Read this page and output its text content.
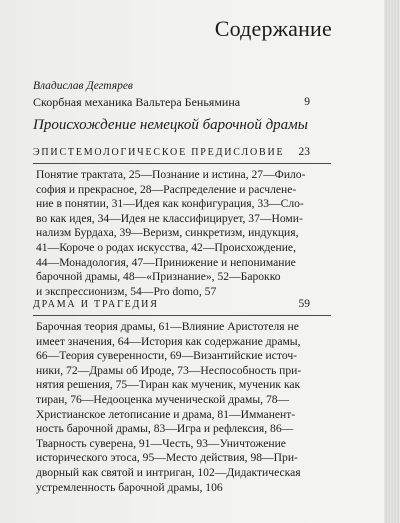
Содержание
Владислав Дегтярев
Скорбная механика Вальтера Беньямина	9
Происхождение немецкой барочной драмы
ЭПИСТЕМОЛОГИЧЕСКОЕ ПРЕДИСЛОВИЕ 23
Понятие трактата, 25—Познание и истина, 27—Фило-
софия и прекрасное, 28—Распределение и расчлене-
ние в понятии, 31—Идея как конфигурация, 33—Сло-
во как идея, 34—Идея не классифицирует, 37—Номи-
нализм Бурдаха, 39—Веризм, синкретизм, индукция,
41—Короче о родах искусства, 42—Происхождение,
44—Монадология, 47—Принижение и непонимание
барочной драмы, 48—«Признание», 52—Барокко
и экспрессионизм, 54—Pro domo, 57
ДРАМА И ТРАГЕДИЯ	59
Барочная теория драмы, 61—Влияние Аристотеля не
имеет значения, 64—История как содержание драмы,
66—Теория суверенности, 69—Византийские источ-
ники, 72—Драмы об Ироде, 73—Неспособность при-
нятия решения, 75—Тиран как мученик, мученик как
тиран, 76—Недооценка мученической драмы, 78—
Христианское летописание и драма, 81—Имманент-
ность барочной драмы, 83—Игра и рефлексия, 86—
Тварность суверена, 91—Честь, 93—Уничтожение
исторического этоса, 95—Место действия, 98—При-
дворный как святой и интриган, 102—Дидактическая
устремленность барочной драмы, 106
